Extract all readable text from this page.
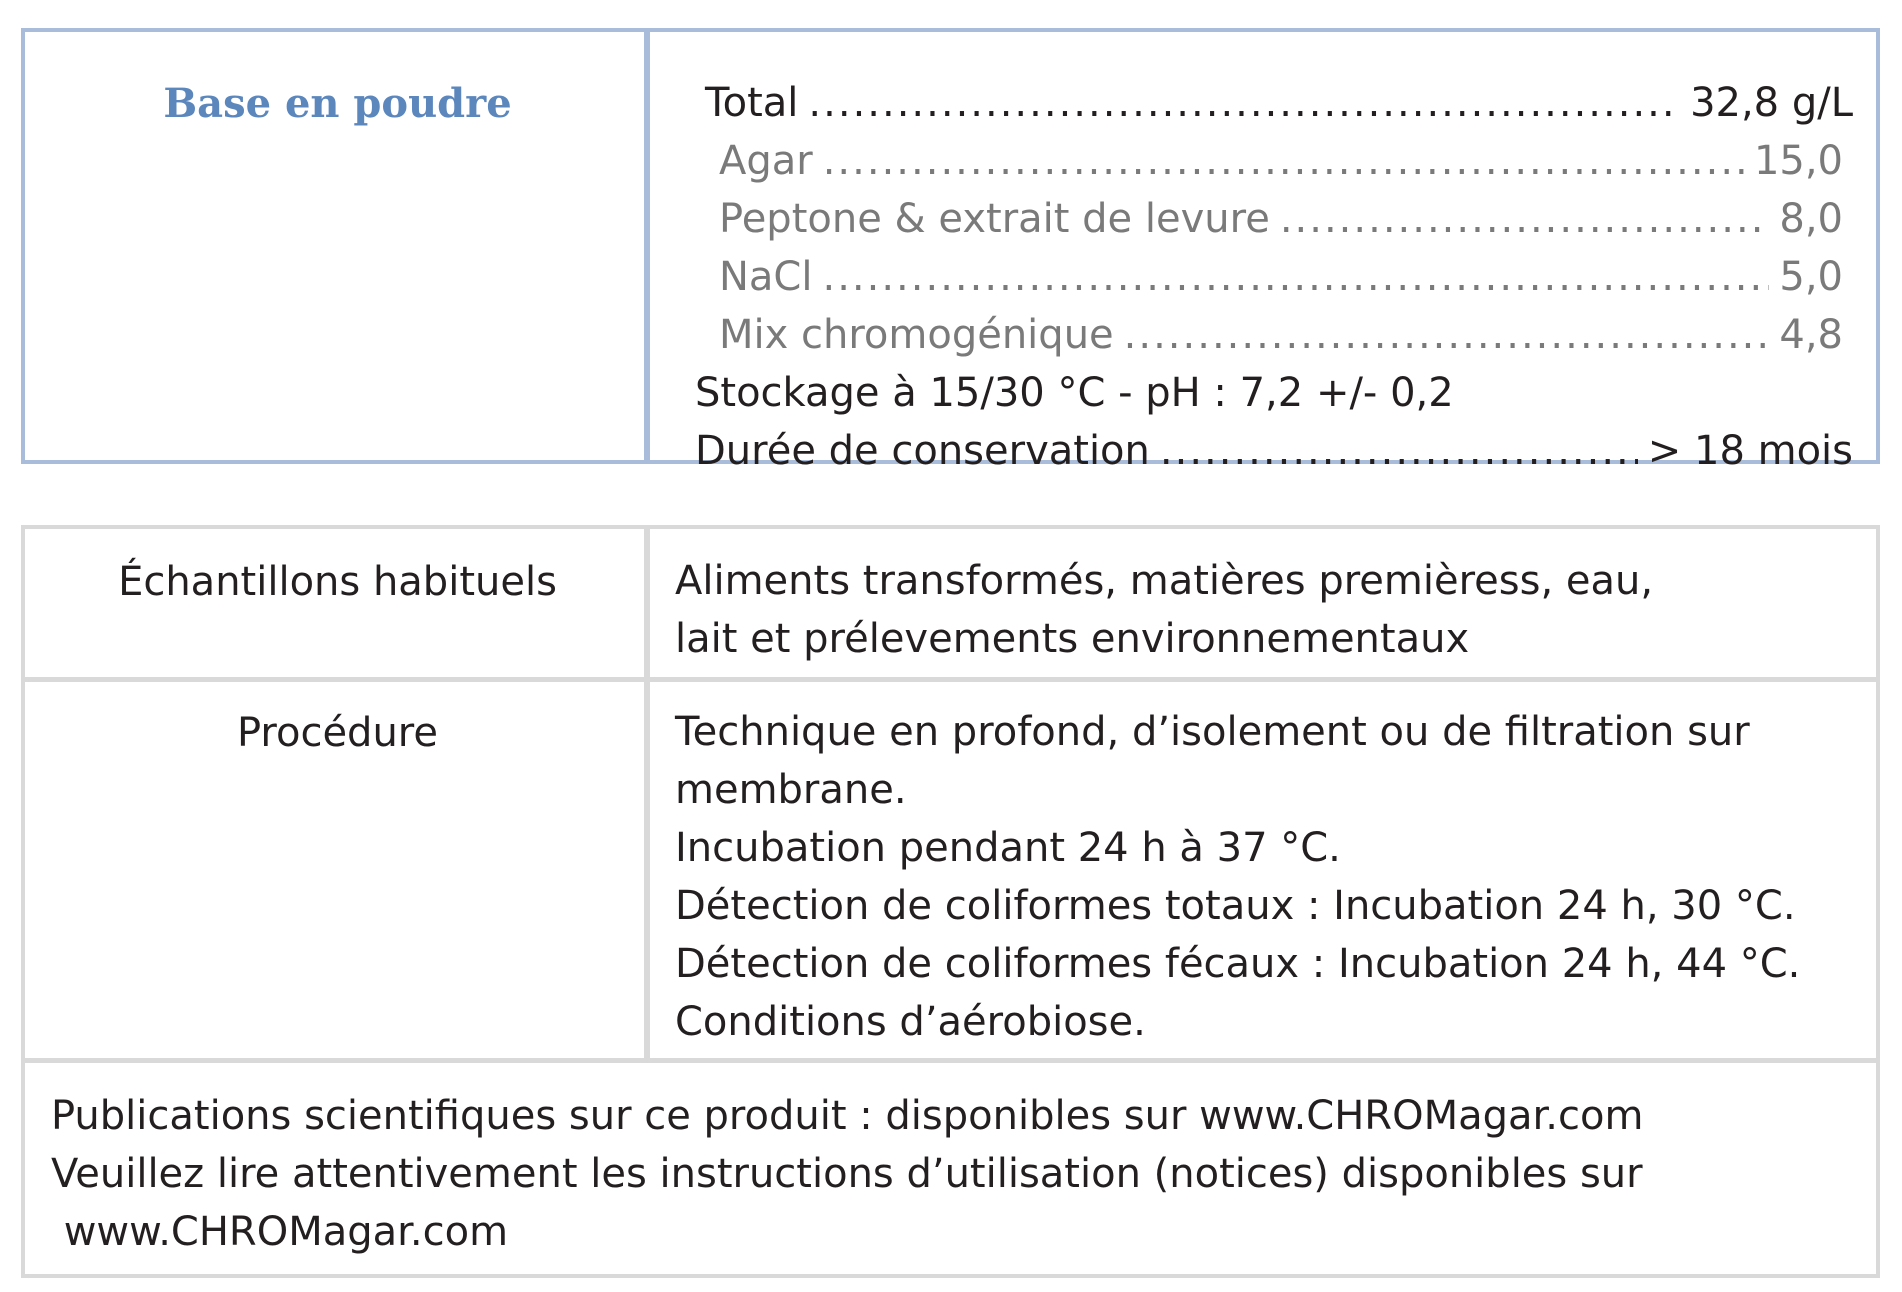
Base en poudre	Total .....	32,8 g/L
Agar .....	15,0
Peptone & extrait de levure .....	8,0
NaCl .....	5,0
Mix chromogénique .....	4,8
Stockage à 15/30 °C - pH : 7,2 +/- 0,2
Durée de conservation .....	> 18 mois
Échantillons habituels	Aliments transformés, matières premièress, eau,
lait et prélevements environnementaux
Procédure	Technique en profond, d’isolement ou de filtration sur
membrane.
Incubation pendant 24 h à 37 °C.
Détection de coliformes totaux : Incubation 24 h, 30 °C.
Détection de coliformes fécaux : Incubation 24 h, 44 °C.
Conditions d’aérobiose.
Publications scientifiques sur ce produit : disponibles sur www.CHROMagar.com
Veuillez lire attentivement les instructions d’utilisation (notices) disponibles sur
www.CHROMagar.com
